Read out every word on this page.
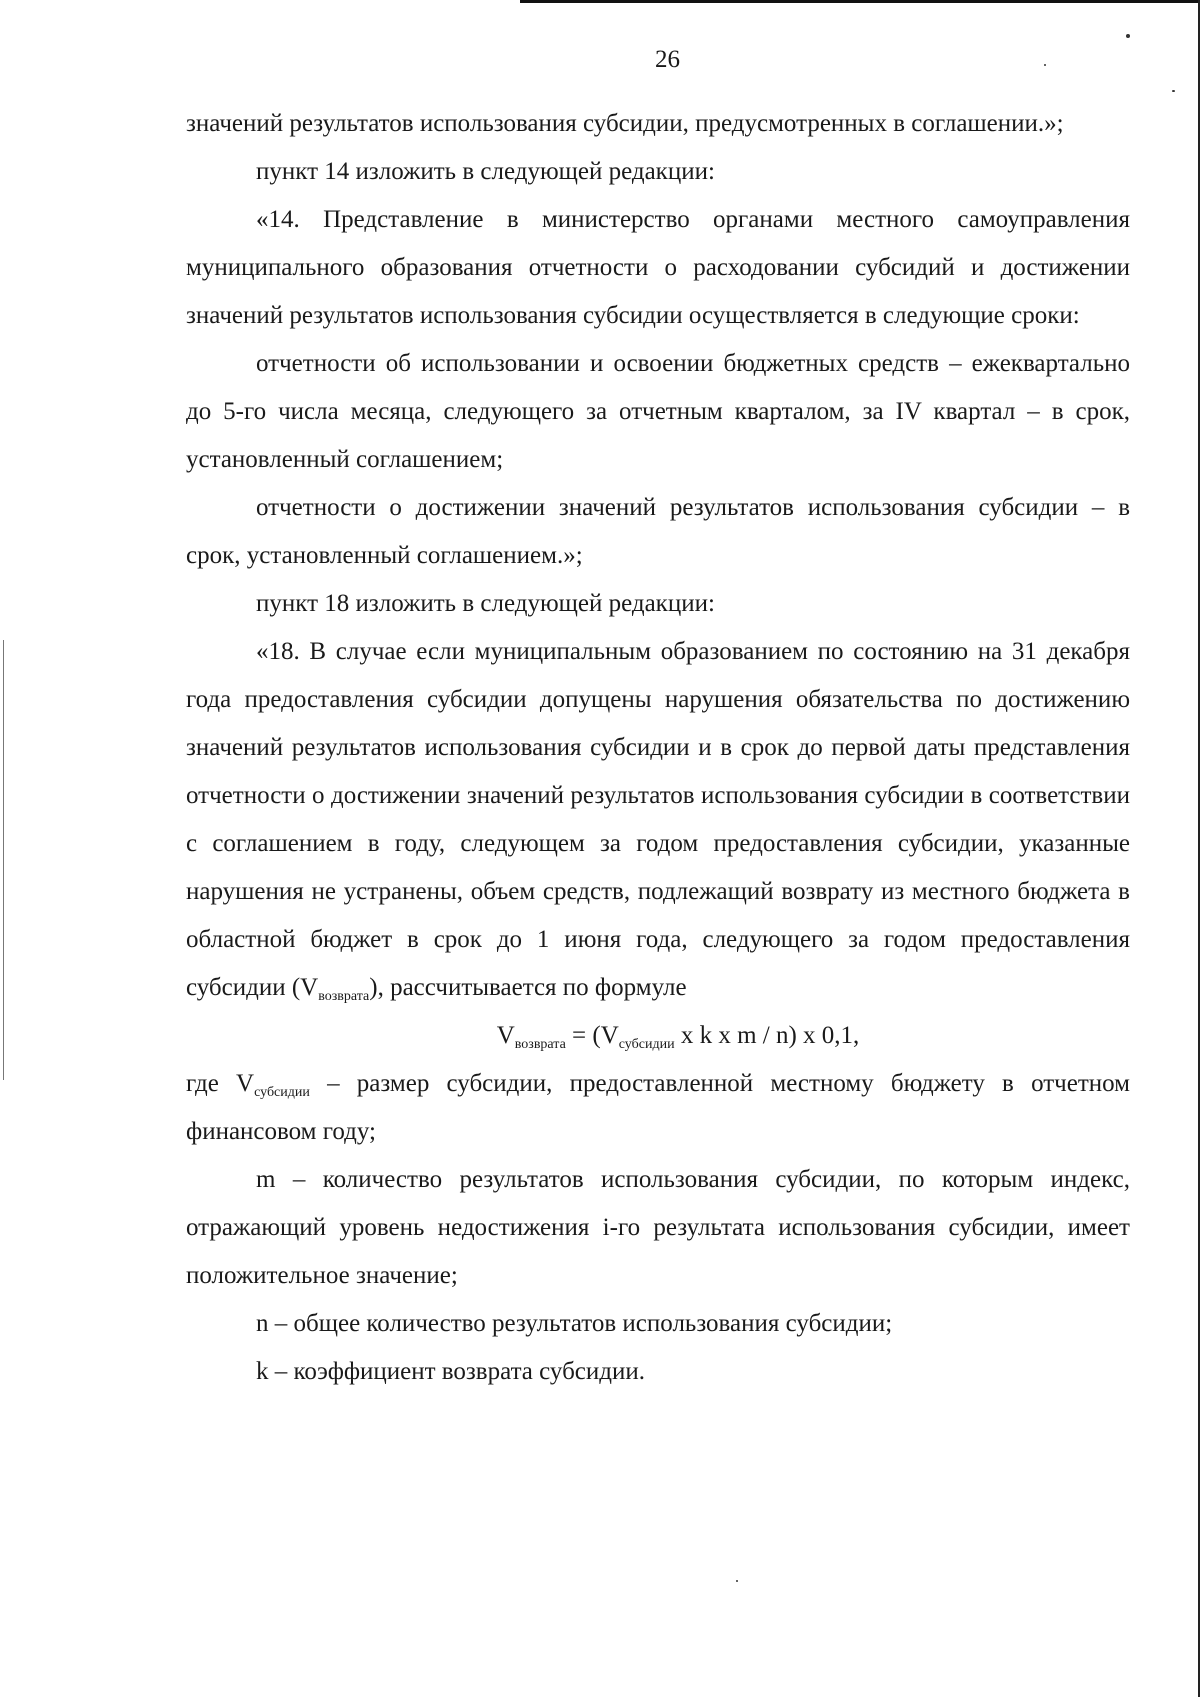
26

значений результатов использования субсидии, предусмотренных в соглашении.»;

пункт 14 изложить в следующей редакции:

«14. Представление в министерство органами местного самоуправления муниципального образования отчетности о расходовании субсидий и достижении значений результатов использования субсидии осуществляется в следующие сроки:

отчетности об использовании и освоении бюджетных средств – ежеквартально до 5-го числа месяца, следующего за отчетным кварталом, за IV квартал – в срок, установленный соглашением;

отчетности о достижении значений результатов использования субсидии – в срок, установленный соглашением.»;

пункт 18 изложить в следующей редакции:

«18. В случае если муниципальным образованием по состоянию на 31 декабря года предоставления субсидии допущены нарушения обязательства по достижению значений результатов использования субсидии и в срок до первой даты представления отчетности о достижении значений результатов использования субсидии в соответствии с соглашением в году, следующем за годом предоставления субсидии, указанные нарушения не устранены, объем средств, подлежащий возврату из местного бюджета в областной бюджет в срок до 1 июня года, следующего за годом предоставления субсидии $(V_{возврата})$, рассчитывается по формуле

$V_{возврата} = (V_{субсидии}$ x k x m / n) x 0,1,

где $V_{субсидии}$ – размер субсидии, предоставленной местному бюджету в отчетном финансовом году;

m – количество результатов использования субсидии, по которым индекс, отражающий уровень недостижения i-го результата использования субсидии, имеет положительное значение;

n – общее количество результатов использования субсидии;

k – коэффициент возврата субсидии.
